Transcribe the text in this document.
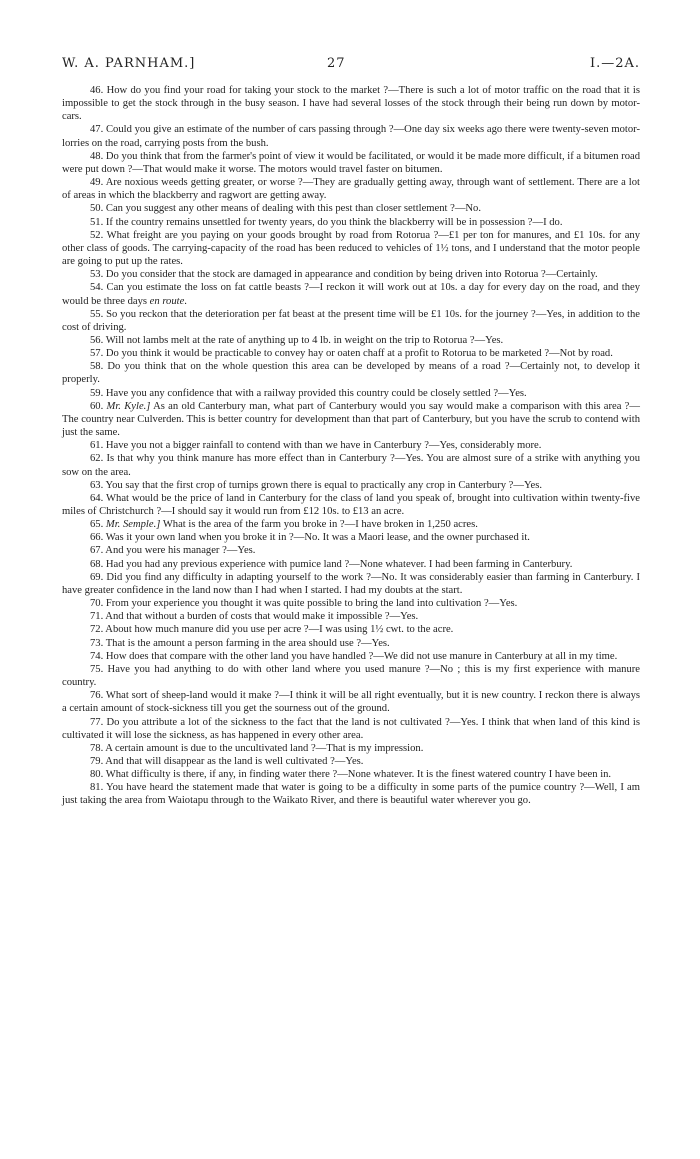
W. A. PARNHAM.]	27	I.—2A.

46. How do you find your road for taking your stock to the market ?—There is such a lot of motor traffic on the road that it is impossible to get the stock through in the busy season. I have had several losses of the stock through their being run down by motor-cars.

47. Could you give an estimate of the number of cars passing through ?—One day six weeks ago there were twenty-seven motor-lorries on the road, carrying posts from the bush.

48. Do you think that from the farmer's point of view it would be facilitated, or would it be made more difficult, if a bitumen road were put down ?—That would make it worse. The motors would travel faster on bitumen.

49. Are noxious weeds getting greater, or worse ?—They are gradually getting away, through want of settlement. There are a lot of areas in which the blackberry and ragwort are getting away.

50. Can you suggest any other means of dealing with this pest than closer settlement ?—No.

51. If the country remains unsettled for twenty years, do you think the blackberry will be in possession ?—I do.

52. What freight are you paying on your goods brought by road from Rotorua ?—£1 per ton for manures, and £1 10s. for any other class of goods. The carrying-capacity of the road has been reduced to vehicles of 1½ tons, and I understand that the motor people are going to put up the rates.

53. Do you consider that the stock are damaged in appearance and condition by being driven into Rotorua ?—Certainly.

54. Can you estimate the loss on fat cattle beasts ?—I reckon it will work out at 10s. a day for every day on the road, and they would be three days en route.

55. So you reckon that the deterioration per fat beast at the present time will be £1 10s. for the journey ?—Yes, in addition to the cost of driving.

56. Will not lambs melt at the rate of anything up to 4 lb. in weight on the trip to Rotorua ?—Yes.

57. Do you think it would be practicable to convey hay or oaten chaff at a profit to Rotorua to be marketed ?—Not by road.

58. Do you think that on the whole question this area can be developed by means of a road ?—Certainly not, to develop it properly.

59. Have you any confidence that with a railway provided this country could be closely settled ?—Yes.

60. Mr. Kyle.] As an old Canterbury man, what part of Canterbury would you say would make a comparison with this area ?—The country near Culverden. This is better country for development than that part of Canterbury, but you have the scrub to contend with just the same.

61. Have you not a bigger rainfall to contend with than we have in Canterbury ?—Yes, considerably more.

62. Is that why you think manure has more effect than in Canterbury ?—Yes. You are almost sure of a strike with anything you sow on the area.

63. You say that the first crop of turnips grown there is equal to practically any crop in Canterbury ?—Yes.

64. What would be the price of land in Canterbury for the class of land you speak of, brought into cultivation within twenty-five miles of Christchurch ?—I should say it would run from £12 10s. to £13 an acre.

65. Mr. Semple.] What is the area of the farm you broke in ?—I have broken in 1,250 acres.

66. Was it your own land when you broke it in ?—No. It was a Maori lease, and the owner purchased it.

67. And you were his manager ?—Yes.

68. Had you had any previous experience with pumice land ?—None whatever. I had been farming in Canterbury.

69. Did you find any difficulty in adapting yourself to the work ?—No. It was considerably easier than farming in Canterbury. I have greater confidence in the land now than I had when I started. I had my doubts at the start.

70. From your experience you thought it was quite possible to bring the land into cultivation ?—Yes.

71. And that without a burden of costs that would make it impossible ?—Yes.

72. About how much manure did you use per acre ?—I was using 1½ cwt. to the acre.

73. That is the amount a person farming in the area should use ?—Yes.

74. How does that compare with the other land you have handled ?—We did not use manure in Canterbury at all in my time.

75. Have you had anything to do with other land where you used manure ?—No ; this is my first experience with manure country.

76. What sort of sheep-land would it make ?—I think it will be all right eventually, but it is new country. I reckon there is always a certain amount of stock-sickness till you get the sourness out of the ground.

77. Do you attribute a lot of the sickness to the fact that the land is not cultivated ?—Yes. I think that when land of this kind is cultivated it will lose the sickness, as has happened in every other area.

78. A certain amount is due to the uncultivated land ?—That is my impression.

79. And that will disappear as the land is well cultivated ?—Yes.

80. What difficulty is there, if any, in finding water there ?—None whatever. It is the finest watered country I have been in.

81. You have heard the statement made that water is going to be a difficulty in some parts of the pumice country ?—Well, I am just taking the area from Waiotapu through to the Waikato River, and there is beautiful water wherever you go.
